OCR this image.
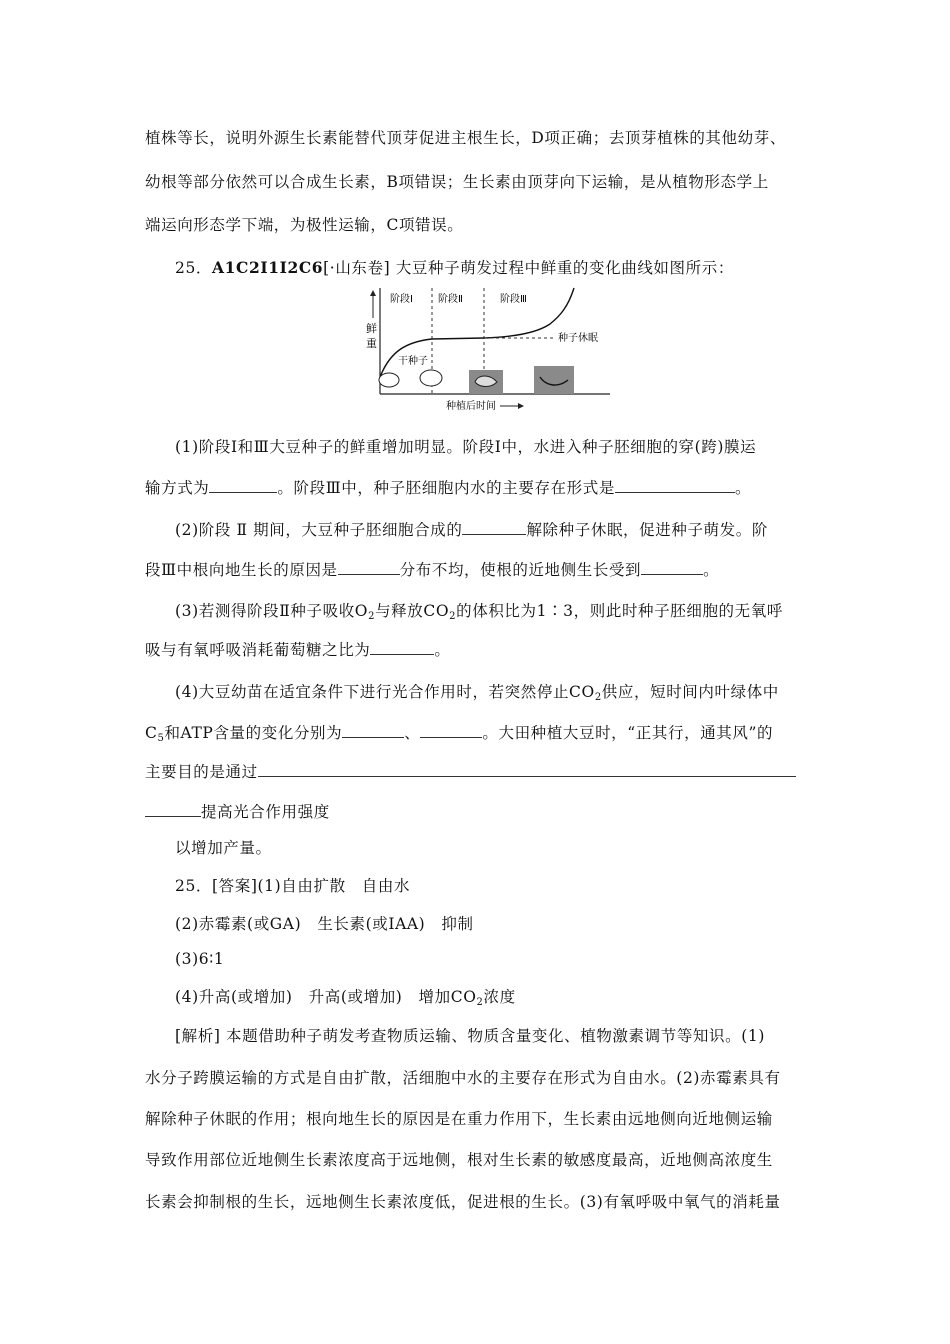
植株等长，说明外源生长素能替代顶芽促进主根生长，D项正确；去顶芽植株的其他幼芽、
幼根等部分依然可以合成生长素，B项错误；生长素由顶芽向下运输，是从植物形态学上
端运向形态学下端，为极性运输，C项错误。
25．A1C2I1I2C6[·山东卷] 大豆种子萌发过程中鲜重的变化曲线如图所示：
鲜
重
阶段Ⅰ	阶段Ⅱ	阶段Ⅲ
种子休眠
干种子
种植后时间
(1)阶段Ⅰ和Ⅲ大豆种子的鲜重增加明显。阶段Ⅰ中，水进入种子胚细胞的穿(跨)膜运
输方式为	。阶段Ⅲ中，种子胚细胞内水的主要存在形式是	。
(2)阶段 Ⅱ 期间，大豆种子胚细胞合成的	解除种子休眠，促进种子萌发。阶
段Ⅲ中根向地生长的原因是	分布不均，使根的近地侧生长受到	。
(3)若测得阶段Ⅱ种子吸收$O_2$与释放$CO_2$的体积比为1∶3，则此时种子胚细胞的无氧呼
吸与有氧呼吸消耗葡萄糖之比为	。
(4)大豆幼苗在适宜条件下进行光合作用时，若突然停止$CO_2$供应，短时间内叶绿体中
$C_5$和ATP含量的变化分别为	、	。大田种植大豆时，“正其行，通其风”的
主要目的是通过
提高光合作用强度
以增加产量。
25．[答案](1)自由扩散　自由水
(2)赤霉素(或GA)　生长素(或IAA)　抑制
(3)6∶1
(4)升高(或增加)　升高(或增加)　增加$CO_2$浓度
[解析] 本题借助种子萌发考查物质运输、物质含量变化、植物激素调节等知识。(1)
水分子跨膜运输的方式是自由扩散，活细胞中水的主要存在形式为自由水。(2)赤霉素具有
解除种子休眠的作用；根向地生长的原因是在重力作用下，生长素由远地侧向近地侧运输
导致作用部位近地侧生长素浓度高于远地侧，根对生长素的敏感度最高，近地侧高浓度生
长素会抑制根的生长，远地侧生长素浓度低，促进根的生长。(3)有氧呼吸中氧气的消耗量
